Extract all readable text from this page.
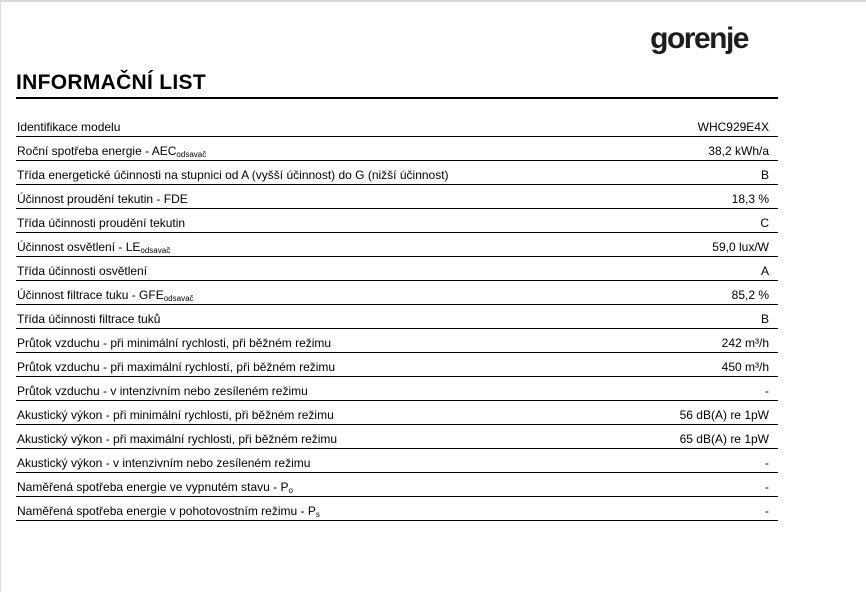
gorenje
INFORMAČNÍ LIST
Identifikace modelu	WHC929E4X
Roční spotřeba energie - $AEC_{odsavač}$	38,2 kWh/a
Třída energetické účinnosti na stupnici od A (vyšší účinnost) do G (nižší účinnost)	B
Účinnost proudění tekutin - FDE	18,3 %
Třída účinnosti proudění tekutin	C
Účinnost osvětlení - $LE_{odsavač}$	59,0 lux/W
Třída účinnosti osvětlení	A
Účinnost filtrace tuku - $GFE_{odsavač}$	85,2 %
Třída účinnosti filtrace tuků	B
Průtok vzduchu - při minimální rychlosti, při běžném režimu	242 m³/h
Průtok vzduchu - při maximální rychlostí, při běžném režimu	450 m³/h
Průtok vzduchu - v intenzivním nebo zesíleném režimu	-
Akustický výkon - při minimální rychlosti, při běžném režimu	56 dB(A) re 1pW
Akustický výkon - při maximální rychlosti, při běžném režimu	65 dB(A) re 1pW
Akustický výkon - v intenzivním nebo zesíleném režimu	-
Naměřená spotřeba energie ve vypnutém stavu - $P_o$	-
Naměřená spotřeba energie v pohotovostním režimu - $P_s$	-
